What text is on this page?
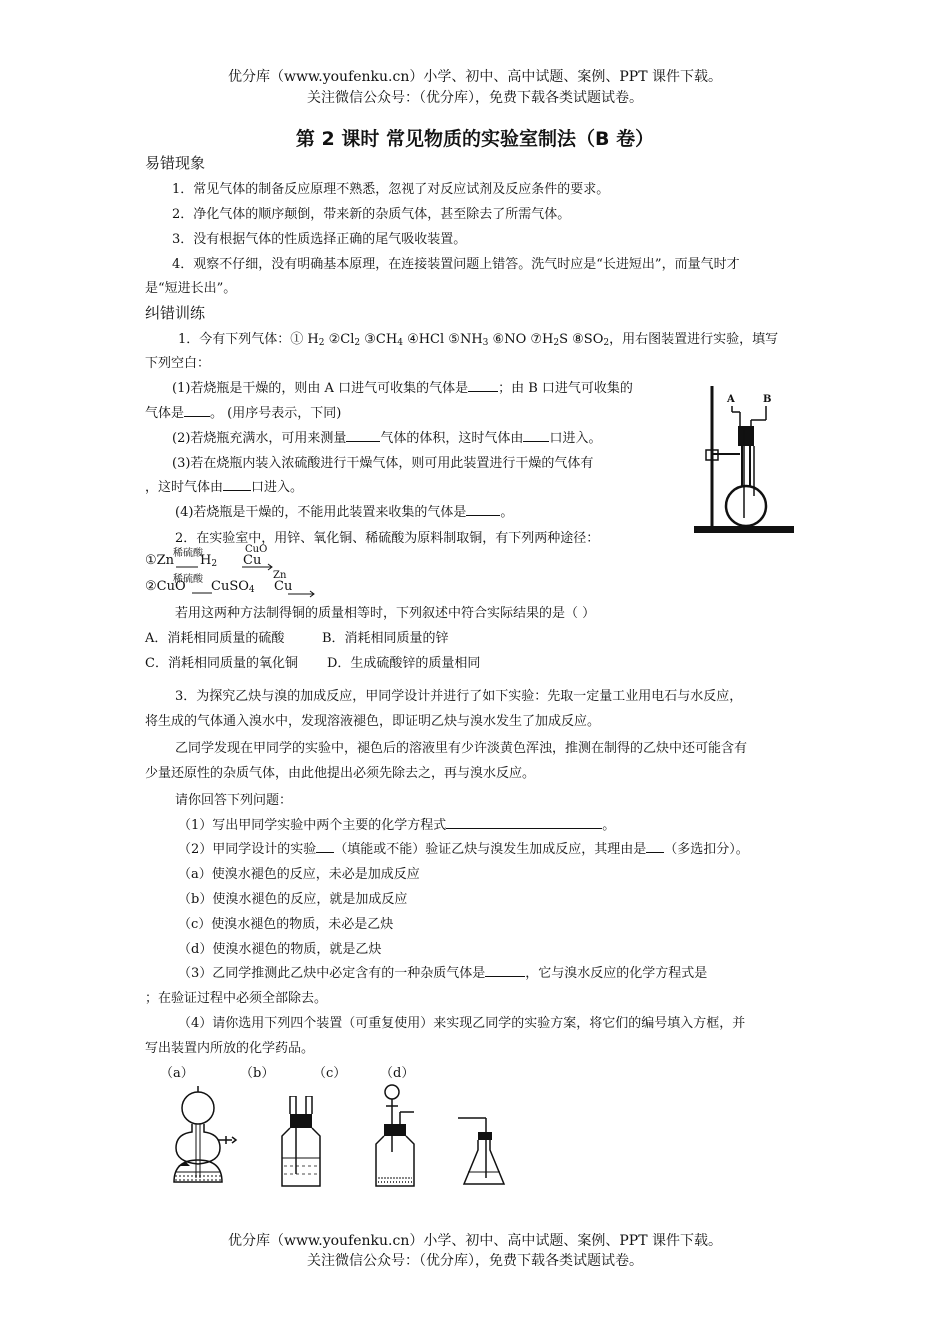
优分库（www.youfenku.cn）小学、初中、高中试题、案例、PPT 课件下载。
关注微信公众号：（优分库），免费下载各类试题试卷。
第 2 课时 常见物质的实验室制法（B 卷）
易错现象
1．常见气体的制备反应原理不熟悉，忽视了对反应试剂及反应条件的要求。
2．净化气体的顺序颠倒，带来新的杂质气体，甚至除去了所需气体。
3．没有根据气体的性质选择正确的尾气吸收装置。
4．观察不仔细，没有明确基本原理，在连接装置问题上错答。洗气时应是“长进短出”，而量气时才
是“短进长出”。
纠错训练
1．今有下列气体：① $H_2$ $②Cl_2$ $③CH_4$ ④HCl $⑤NH_3$ ⑥NO $⑦H_2S$ $⑧SO_2$，用右图装置进行实验，填写
下列空白：
(1)若烧瓶是干燥的，则由 A 口进气可收集的气体是 ；由 B 口进气可收集的
气体是 。 (用序号表示，下同)
(2)若烧瓶充满水，可用来测量	气体的体积，这时气体由 口进入。
(3)若在烧瓶内装入浓硫酸进行干燥气体，则可用此装置进行干燥的气体有
，这时气体由 口进入。
(4)若烧瓶是干燥的，不能用此装置来收集的气体是	。
A	B
2．在实验室中，用锌、氧化铜、稀硫酸为原料制取铜，有下列两种途径：
稀硫酸	CuO
①Zn $H_2$ Cu
稀硫酸	Zn
②CuO CuSO$_4$ Cu
若用这两种方法制得铜的质量相等时，下列叙述中符合实际结果的是（ ）
A．消耗相同质量的硫酸	B．消耗相同质量的锌
C．消耗相同质量的氧化铜 D．生成硫酸锌的质量相同
3．为探究乙炔与溴的加成反应，甲同学设计并进行了如下实验：先取一定量工业用电石与水反应，
将生成的气体通入溴水中，发现溶液褪色，即证明乙炔与溴水发生了加成反应。
乙同学发现在甲同学的实验中，褪色后的溶液里有少许淡黄色浑浊，推测在制得的乙炔中还可能含有
少量还原性的杂质气体，由此他提出必须先除去之，再与溴水反应。
请你回答下列问题：
（1）写出甲同学实验中两个主要的化学方程式	。
（2）甲同学设计的实验 （填能或不能）验证乙炔与溴发生加成反应，其理由是 （多选扣分）。
（a）使溴水褪色的反应，未必是加成反应
（b）使溴水褪色的反应，就是加成反应
（c）使溴水褪色的物质，未必是乙炔
（d）使溴水褪色的物质，就是乙炔
（3）乙同学推测此乙炔中必定含有的一种杂质气体是	，它与溴水反应的化学方程式是
；在验证过程中必须全部除去。
（4）请你选用下列四个装置（可重复使用）来实现乙同学的实验方案，将它们的编号填入方框，并
写出装置内所放的化学药品。
（a）	（b）	（c）	（d）
优分库（www.youfenku.cn）小学、初中、高中试题、案例、PPT 课件下载。
关注微信公众号：（优分库），免费下载各类试题试卷。
